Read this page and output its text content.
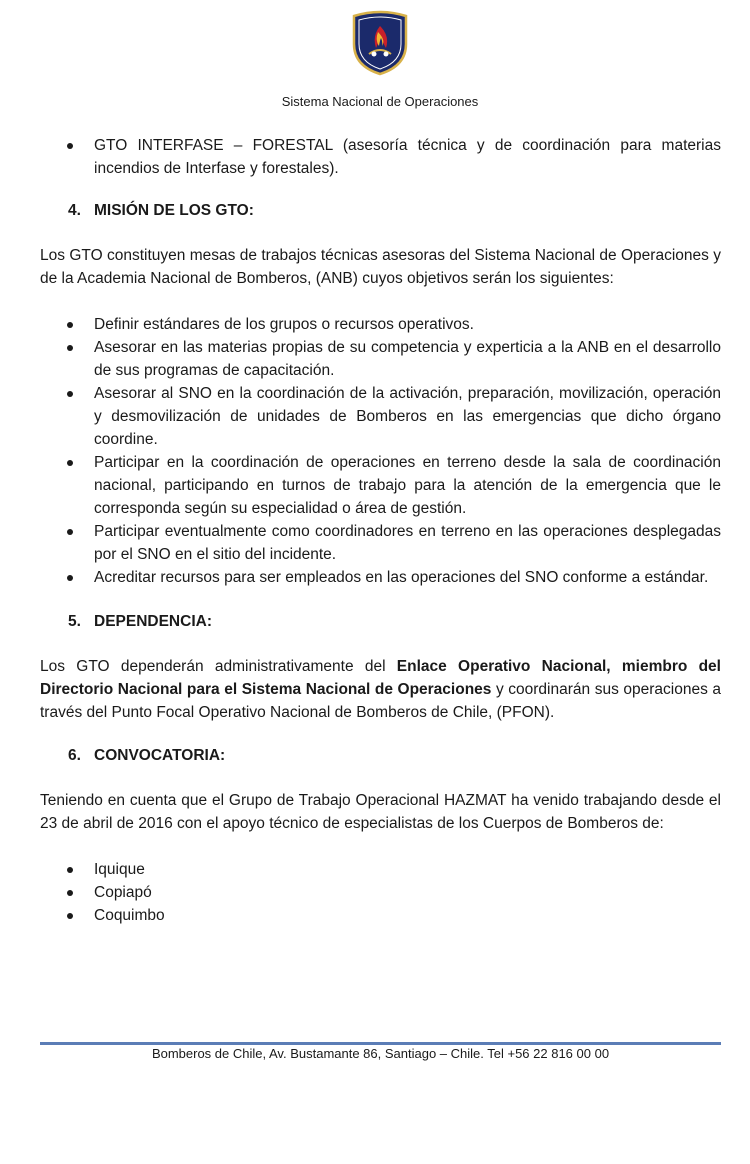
Sistema Nacional de Operaciones
GTO INTERFASE – FORESTAL (asesoría técnica y de coordinación para materias incendios de Interfase y forestales).
4. MISIÓN DE LOS GTO:

Los GTO constituyen mesas de trabajos técnicas asesoras del Sistema Nacional de Operaciones y de la Academia Nacional de Bomberos, (ANB) cuyos objetivos serán los siguientes:

Definir estándares de los grupos o recursos operativos.
Asesorar en las materias propias de su competencia y experticia a la ANB en el desarrollo de sus programas de capacitación.
Asesorar al SNO en la coordinación de la activación, preparación, movilización, operación y desmovilización de unidades de Bomberos en las emergencias que dicho órgano coordine.
Participar en la coordinación de operaciones en terreno desde la sala de coordinación nacional, participando en turnos de trabajo para la atención de la emergencia que le corresponda según su especialidad o área de gestión.
Participar eventualmente como coordinadores en terreno en las operaciones desplegadas por el SNO en el sitio del incidente.
Acreditar recursos para ser empleados en las operaciones del SNO conforme a estándar.
5. DEPENDENCIA:

Los GTO dependerán administrativamente del Enlace Operativo Nacional, miembro del Directorio Nacional para el Sistema Nacional de Operaciones y coordinarán sus operaciones a través del Punto Focal Operativo Nacional de Bomberos de Chile, (PFON).

6. CONVOCATORIA:

Teniendo en cuenta que el Grupo de Trabajo Operacional HAZMAT ha venido trabajando desde el 23 de abril de 2016 con el apoyo técnico de especialistas de los Cuerpos de Bomberos de:

Iquique
Copiapó
Coquimbo
Bomberos de Chile, Av. Bustamante 86, Santiago – Chile. Tel +56 22 816 00 00
